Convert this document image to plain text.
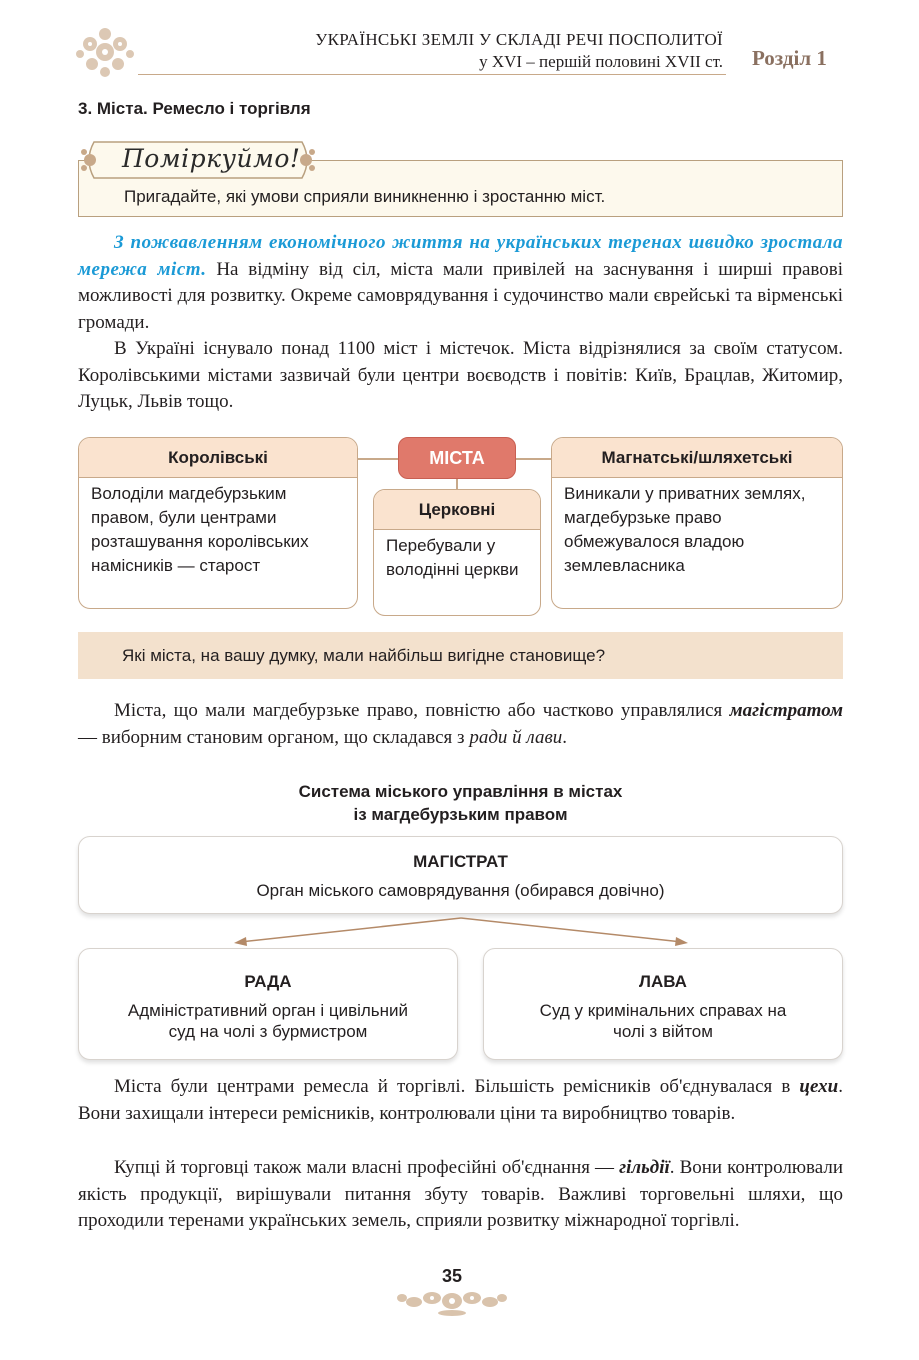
УКРАЇНСЬКІ ЗЕМЛІ У СКЛАДІ РЕЧІ ПОСПОЛИТОЇ
у XVI – першій половині XVII ст. Розділ 1
3. Міста. Ремесло і торгівля
Поміркуймо!
Пригадайте, які умови сприяли виникненню і зростанню міст.
З пожвавленням економічного життя на українських теренах швидко зростала мережа міст. На відміну від сіл, міста мали привілей на заснування і ширші правові можливості для розвитку. Окреме самоврядування і судочинство мали єврейські та вірменські громади.
В Україні існувало понад 1100 міст і містечок. Міста відрізнялися за своїм статусом. Королівськими містами зазвичай були центри воєводств і повітів: Київ, Брацлав, Житомир, Луцьк, Львів тощо.
Королівські
Володіли магдебурзьким правом, були центрами розташування королівських намісників — старост
МІСТА
Церковні
Перебували у володінні церкви
Магнатські/шляхетські
Виникали у приватних землях, магдебурзьке право обмежувалося владою землевласника
Які міста, на вашу думку, мали найбільш вигідне становище?
Міста, що мали магдебурзьке право, повністю або частково управлялися магістратом — виборним становим органом, що складався з ради й лави.
Система міського управління в містах
із магдебурзьким правом
МАГІСТРАТ
Орган міського самоврядування (обирався довічно)
РАДА
Адміністративний орган і цивільний
суд на чолі з бурмистром
ЛАВА
Суд у кримінальних справах на
чолі з війтом
Міста були центрами ремесла й торгівлі. Більшість ремісників об'єднувалася в цехи. Вони захищали інтереси ремісників, контролювали ціни та виробництво товарів.
Купці й торговці також мали власні професійні об'єднання — гільдії. Вони контролювали якість продукції, вирішували питання збуту товарів. Важливі торговельні шляхи, що проходили теренами українських земель, сприяли розвитку міжнародної торгівлі.
35
